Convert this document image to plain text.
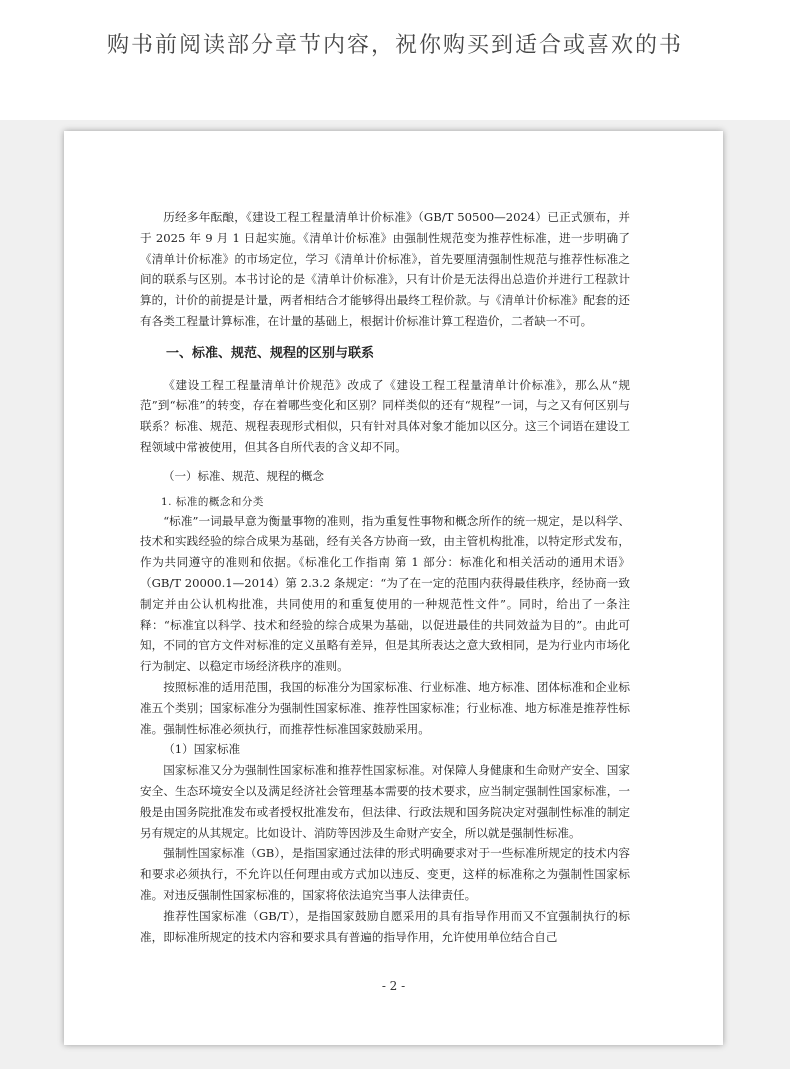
购书前阅读部分章节内容，祝你购买到适合或喜欢的书

历经多年酝酿，《建设工程工程量清单计价标准》（GB/T 50500—2024）已正式颁布，并于 2025 年 9 月 1 日起实施。《清单计价标准》由强制性规范变为推荐性标准，进一步明确了《清单计价标准》的市场定位，学习《清单计价标准》，首先要厘清强制性规范与推荐性标准之间的联系与区别。本书讨论的是《清单计价标准》，只有计价是无法得出总造价并进行工程款计算的，计价的前提是计量，两者相结合才能够得出最终工程价款。与《清单计价标准》配套的还有各类工程量计算标准，在计量的基础上，根据计价标准计算工程造价，二者缺一不可。

一、标准、规范、规程的区别与联系

《建设工程工程量清单计价规范》改成了《建设工程工程量清单计价标准》，那么从“规范”到“标准”的转变，存在着哪些变化和区别？同样类似的还有“规程”一词，与之又有何区别与联系？标准、规范、规程表现形式相似，只有针对具体对象才能加以区分。这三个词语在建设工程领域中常被使用，但其各自所代表的含义却不同。

（一）标准、规范、规程的概念
1. 标准的概念和分类

“标准”一词最早意为衡量事物的准则，指为重复性事物和概念所作的统一规定，是以科学、技术和实践经验的综合成果为基础，经有关各方协商一致，由主管机构批准，以特定形式发布，作为共同遵守的准则和依据。《标准化工作指南 第 1 部分：标准化和相关活动的通用术语》（GB/T 20000.1—2014）第 2.3.2 条规定：“为了在一定的范围内获得最佳秩序，经协商一致制定并由公认机构批准，共同使用的和重复使用的一种规范性文件”。同时，给出了一条注释：“标准宜以科学、技术和经验的综合成果为基础，以促进最佳的共同效益为目的”。由此可知，不同的官方文件对标准的定义虽略有差异，但是其所表达之意大致相同，是为行业内市场化行为制定、以稳定市场经济秩序的准则。

按照标准的适用范围，我国的标准分为国家标准、行业标准、地方标准、团体标准和企业标准五个类别；国家标准分为强制性国家标准、推荐性国家标准；行业标准、地方标准是推荐性标准。强制性标准必须执行，而推荐性标准国家鼓励采用。

（1）国家标准

国家标准又分为强制性国家标准和推荐性国家标准。对保障人身健康和生命财产安全、国家安全、生态环境安全以及满足经济社会管理基本需要的技术要求，应当制定强制性国家标准，一般是由国务院批准发布或者授权批准发布，但法律、行政法规和国务院决定对强制性标准的制定另有规定的从其规定。比如设计、消防等因涉及生命财产安全，所以就是强制性标准。

强制性国家标准（GB），是指国家通过法律的形式明确要求对于一些标准所规定的技术内容和要求必须执行，不允许以任何理由或方式加以违反、变更，这样的标准称之为强制性国家标准。对违反强制性国家标准的，国家将依法追究当事人法律责任。

推荐性国家标准（GB/T），是指国家鼓励自愿采用的具有指导作用而又不宜强制执行的标准，即标准所规定的技术内容和要求具有普遍的指导作用，允许使用单位结合自己

- 2 -
